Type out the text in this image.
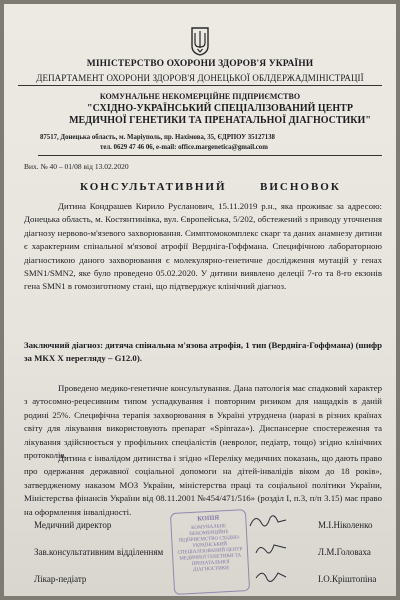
МІНІСТЕРСТВО ОХОРОНИ ЗДОРОВ'Я УКРАЇНИ
ДЕПАРТАМЕНТ ОХОРОНИ ЗДОРОВ'Я ДОНЕЦЬКОЇ ОБЛДЕРЖАДМІНІСТРАЦІЇ
КОМУНАЛЬНЕ НЕКОМЕРЦІЙНЕ ПІДПРИЄМСТВО
"СХІДНО-УКРАЇНСЬКИЙ СПЕЦІАЛІЗОВАНИЙ ЦЕНТР
МЕДИЧНОЇ ГЕНЕТИКИ ТА ПРЕНАТАЛЬНОЇ ДІАГНОСТИКИ"
87517, Донецька область, м. Маріуполь, пр. Нахімова, 35, ЄДРПОУ 35127138
тел. 0629 47 46 06, e-mail: office.margenetica@gmail.com
Вих. № 40 – 01/08 від 13.02.2020
КОНСУЛЬТАТИВНИЙ	ВИСНОВОК
Дитина Кондрашев Кирило Русланович, 15.11.2019 р.н., яка проживає за адресою: Донецька область, м. Костянтинівка, вул. Європейська, 5/202, обстежений з приводу уточнення діагнозу нервово-м'язевого захворювання. Симптомокомплекс скарг та даних анамнезу дитини є характерним спінальної м'язової атрофії Верднiга-Гоффмана. Специфічною лабораторною діагностикою даного захворювання є молекулярно-генетичне дослідження мутацій у генах SMN1/SMN2, яке було проведено 05.02.2020. У дитини виявлено делеції 7-го та 8-го екзонів гена SMN1 в гомозиготному стані, що підтверджує клінічний діагноз.
Заключний діагноз: дитяча спінальна м'язова атрофія, 1 тип (Верднiга-Гоффмана) (шифр за МКХ Х перегляду – G12.0).
Проведено медико-генетичне консультування. Дана патологія має спадковий характер з аутосомно-рецесивним типом успадкування і повторним ризиком для нащадків в даній родині 25%. Специфічна терапія захворювання в Україні утруднена (наразі в різних країнах світу для лікування використовують препарат «Spinraza»). Диспансерне спостереження та лікування здійснюється у профільних спеціалістів (невролог, педіатр, тощо) згідно клінічних протоколів.
Дитина є інвалідом дитинства і згідно «Переліку медичних показань, що дають право про одержання державної соціальної допомоги на дітей-інвалідів віком до 18 років», затвердженому наказом МОЗ України, міністерства праці та соціальної політики України, Міністерства фінансів України від 08.11.2001 №454/471/516» (розділ I, п.3, п/п 3.15) має право на оформлення інвалідності.
Медичний директор	М.І.Ніколенко
Зав.консультативним відділенням	Л.М.Головаха
Лікар-педіатр	І.О.Кріштопіна
КОПІЯ
КОМУНАЛЬНЕ НЕКОМЕРЦІЙНЕ ПІДПРИЄМСТВО СХІДНО-УКРАЇНСЬКИЙ СПЕЦІАЛІЗОВАНИЙ ЦЕНТР МЕДИЧНОЇ ГЕНЕТИКИ ТА ПРЕНАТАЛЬНОЇ ДІАГНОСТИКИ
